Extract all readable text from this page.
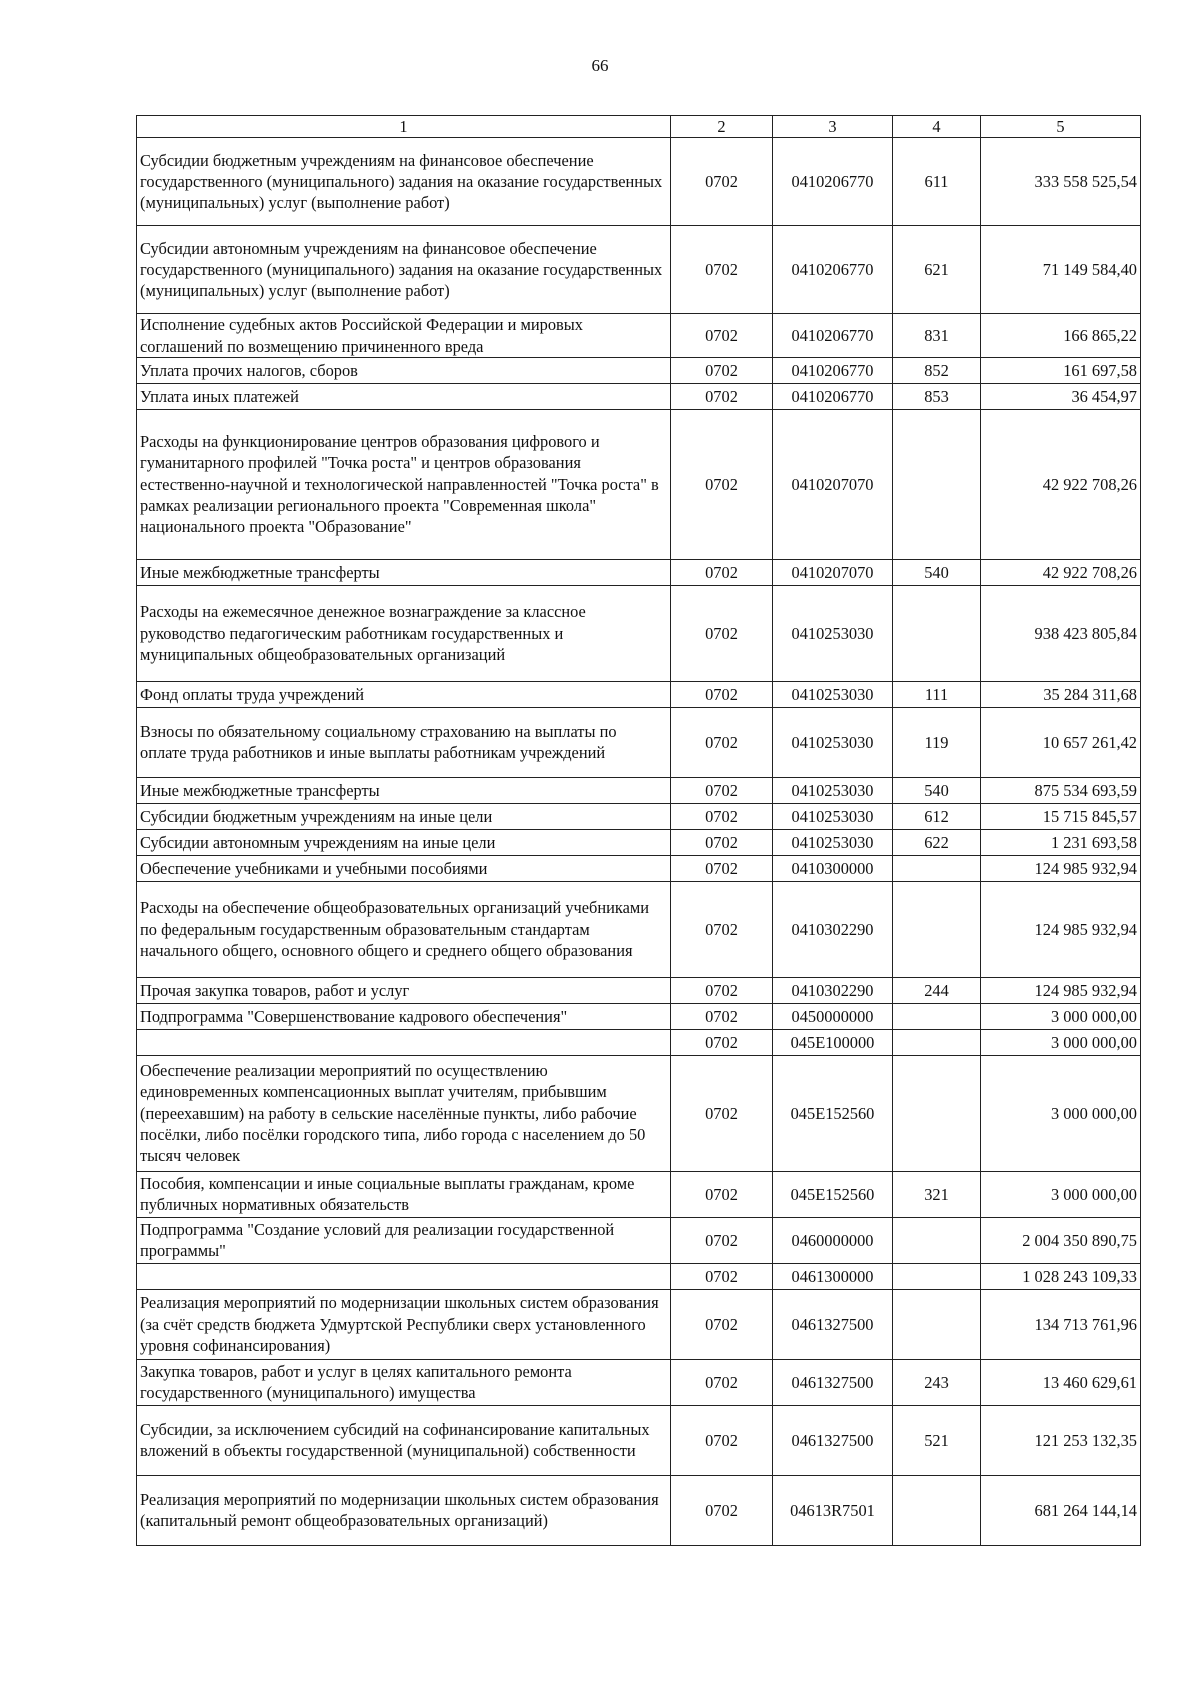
66
1	2	3	4	5
Субсидии бюджетным учреждениям на финансовое обеспечение государственного (муниципального) задания на оказание государственных (муниципальных) услуг (выполнение работ)	0702	0410206770	611	333 558 525,54
Субсидии автономным учреждениям на финансовое обеспечение государственного (муниципального) задания на оказание государственных (муниципальных) услуг (выполнение работ)	0702	0410206770	621	71 149 584,40
Исполнение судебных актов Российской Федерации и мировых соглашений по возмещению причиненного вреда	0702	0410206770	831	166 865,22
Уплата прочих налогов, сборов	0702	0410206770	852	161 697,58
Уплата иных платежей	0702	0410206770	853	36 454,97
Расходы на функционирование центров образования цифрового и гуманитарного профилей "Точка роста" и центров образования естественно-научной и технологической направленностей "Точка роста" в рамках реализации регионального проекта "Современная школа" национального проекта "Образование"	0702	0410207070		42 922 708,26
Иные межбюджетные трансферты	0702	0410207070	540	42 922 708,26
Расходы на ежемесячное денежное вознаграждение за классное руководство педагогическим работникам государственных и муниципальных общеобразовательных организаций	0702	0410253030		938 423 805,84
Фонд оплаты труда учреждений	0702	0410253030	111	35 284 311,68
Взносы по обязательному социальному страхованию на выплаты по оплате труда работников и иные выплаты работникам учреждений	0702	0410253030	119	10 657 261,42
Иные межбюджетные трансферты	0702	0410253030	540	875 534 693,59
Субсидии бюджетным учреждениям на иные цели	0702	0410253030	612	15 715 845,57
Субсидии автономным учреждениям на иные цели	0702	0410253030	622	1 231 693,58
Обеспечение учебниками и учебными пособиями	0702	0410300000		124 985 932,94
Расходы на обеспечение общеобразовательных организаций учебниками по федеральным государственным образовательным стандартам начального общего, основного общего и среднего общего образования	0702	0410302290		124 985 932,94
Прочая закупка товаров, работ и услуг	0702	0410302290	244	124 985 932,94
Подпрограмма "Совершенствование кадрового обеспечения"	0702	0450000000		3 000 000,00
	0702	045E100000		3 000 000,00
Обеспечение реализации мероприятий по осуществлению единовременных компенсационных выплат учителям, прибывшим (переехавшим) на работу в сельские населённые пункты, либо рабочие посёлки, либо посёлки городского типа, либо города с населением до 50 тысяч человек	0702	045E152560		3 000 000,00
Пособия, компенсации и иные социальные выплаты гражданам, кроме публичных нормативных обязательств	0702	045E152560	321	3 000 000,00
Подпрограмма "Создание условий для реализации государственной программы"	0702	0460000000		2 004 350 890,75
	0702	0461300000		1 028 243 109,33
Реализация мероприятий по модернизации школьных систем образования (за счёт средств бюджета Удмуртской Республики сверх установленного уровня софинансирования)	0702	0461327500		134 713 761,96
Закупка товаров, работ и услуг в целях капитального ремонта государственного (муниципального) имущества	0702	0461327500	243	13 460 629,61
Субсидии, за исключением субсидий на софинансирование капитальных вложений в объекты государственной (муниципальной) собственности	0702	0461327500	521	121 253 132,35
Реализация мероприятий по модернизации школьных систем образования (капитальный ремонт общеобразовательных организаций)	0702	04613R7501		681 264 144,14
